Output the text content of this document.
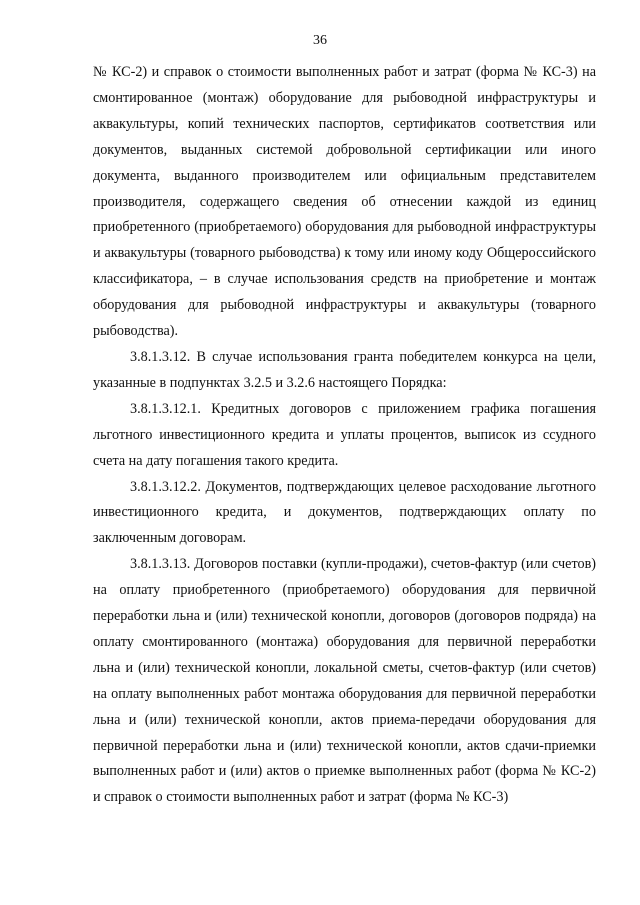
36

№ КС-2) и справок о стоимости выполненных работ и затрат (форма № КС-3) на смонтированное (монтаж) оборудование для рыбоводной инфраструктуры и аквакультуры, копий технических паспортов, сертификатов соответствия или документов, выданных системой добровольной сертификации или иного документа, выданного производителем или официальным представителем производителя, содержащего сведения об отнесении каждой из единиц приобретенного (приобретаемого) оборудования для рыбоводной инфраструктуры и аквакультуры (товарного рыбоводства) к тому или иному коду Общероссийского классификатора, – в случае использования средств на приобретение и монтаж оборудования для рыбоводной инфраструктуры и аквакультуры (товарного рыбоводства).

3.8.1.3.12. В случае использования гранта победителем конкурса на цели, указанные в подпунктах 3.2.5 и 3.2.6 настоящего Порядка:

3.8.1.3.12.1. Кредитных договоров с приложением графика погашения льготного инвестиционного кредита и уплаты процентов, выписок из ссудного счета на дату погашения такого кредита.

3.8.1.3.12.2. Документов, подтверждающих целевое расходование льготного инвестиционного кредита, и документов, подтверждающих оплату по заключенным договорам.

3.8.1.3.13. Договоров поставки (купли-продажи), счетов-фактур (или счетов) на оплату приобретенного (приобретаемого) оборудования для первичной переработки льна и (или) технической конопли, договоров (договоров подряда) на оплату смонтированного (монтажа) оборудования для первичной переработки льна и (или) технической конопли, локальной сметы, счетов-фактур (или счетов) на оплату выполненных работ монтажа оборудования для первичной переработки льна и (или) технической конопли, актов приема-передачи оборудования для первичной переработки льна и (или) технической конопли, актов сдачи-приемки выполненных работ и (или) актов о приемке выполненных работ (форма № КС-2) и справок о стоимости выполненных работ и затрат (форма № КС-3)
